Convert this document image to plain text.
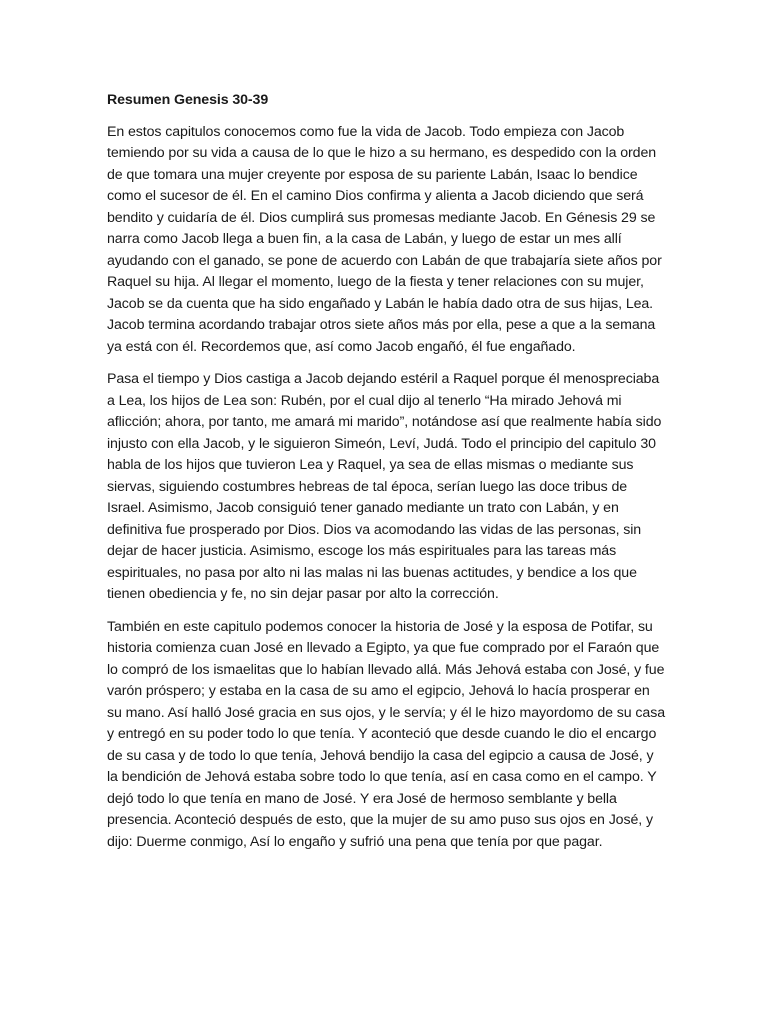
Resumen Genesis 30-39

En estos capitulos conocemos como fue la vida de Jacob. Todo empieza con Jacob temiendo por su vida a causa de lo que le hizo a su hermano, es despedido con la orden de que tomara una mujer creyente por esposa de su pariente Labán, Isaac lo bendice como el sucesor de él. En el camino Dios confirma y alienta a Jacob diciendo que será bendito y cuidaría de él. Dios cumplirá sus promesas mediante Jacob. En Génesis 29 se narra como Jacob llega a buen fin, a la casa de Labán, y luego de estar un mes allí ayudando con el ganado, se pone de acuerdo con Labán de que trabajaría siete años por Raquel su hija. Al llegar el momento, luego de la fiesta y tener relaciones con su mujer, Jacob se da cuenta que ha sido engañado y Labán le había dado otra de sus hijas, Lea. Jacob termina acordando trabajar otros siete años más por ella, pese a que a la semana ya está con él. Recordemos que, así como Jacob engañó, él fue engañado.

Pasa el tiempo y Dios castiga a Jacob dejando estéril a Raquel porque él menospreciaba a Lea, los hijos de Lea son: Rubén, por el cual dijo al tenerlo “Ha mirado Jehová mi aflicción; ahora, por tanto, me amará mi marido”, notándose así que realmente había sido injusto con ella Jacob, y le siguieron Simeón, Leví, Judá. Todo el principio del capitulo 30 habla de los hijos que tuvieron Lea y Raquel, ya sea de ellas mismas o mediante sus siervas, siguiendo costumbres hebreas de tal época, serían luego las doce tribus de Israel. Asimismo, Jacob consiguió tener ganado mediante un trato con Labán, y en definitiva fue prosperado por Dios. Dios va acomodando las vidas de las personas, sin dejar de hacer justicia. Asimismo, escoge los más espirituales para las tareas más espirituales, no pasa por alto ni las malas ni las buenas actitudes, y bendice a los que tienen obediencia y fe, no sin dejar pasar por alto la corrección.

También en este capitulo podemos conocer la historia de José y la esposa de Potifar, su historia comienza cuan José en llevado a Egipto, ya que fue comprado por el Faraón que lo compró de los ismaelitas que lo habían llevado allá. Más Jehová estaba con José, y fue varón próspero; y estaba en la casa de su amo el egipcio, Jehová lo hacía prosperar en su mano. Así halló José gracia en sus ojos, y le servía; y él le hizo mayordomo de su casa y entregó en su poder todo lo que tenía. Y aconteció que desde cuando le dio el encargo de su casa y de todo lo que tenía, Jehová bendijo la casa del egipcio a causa de José, y la bendición de Jehová estaba sobre todo lo que tenía, así en casa como en el campo. Y dejó todo lo que tenía en mano de José. Y era José de hermoso semblante y bella presencia. Aconteció después de esto, que la mujer de su amo puso sus ojos en José, y dijo: Duerme conmigo, Así lo engaño y sufrió una pena que tenía por que pagar.
